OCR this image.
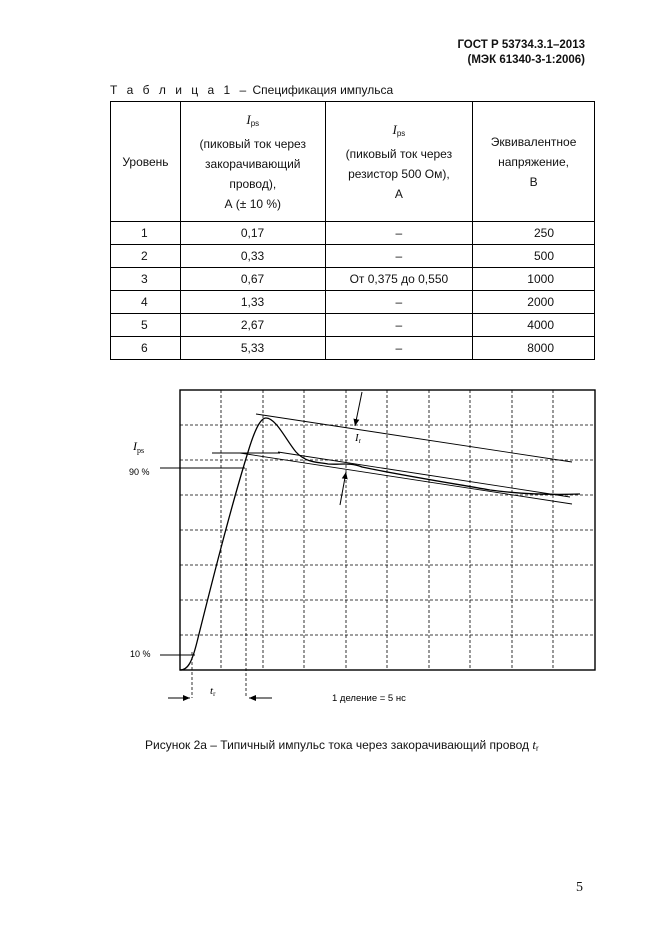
ГОСТ Р 53734.3.1–2013
(МЭК 61340-3-1:2006)
Т а б л и ц а 1 – Спецификация импульса
Уровень	$I_{ps}$
(пиковый ток через
закорачивающий
провод),
А (± 10 %)	$I_{ps}$
(пиковый ток через
резистор 500 Ом),
А	Эквивалентное
напряжение,
В
1	0,17	–	250
2	0,33	–	500
3	0,67	От 0,375 до 0,550	1000
4	1,33	–	2000
5	2,67	–	4000
6	5,33	–	8000
$I_{ps}$
90 %
10 %
tr
Ir
1 деление = 5 нс
Рисунок 2а – Типичный импульс тока через закорачивающий провод $t_r$
5
